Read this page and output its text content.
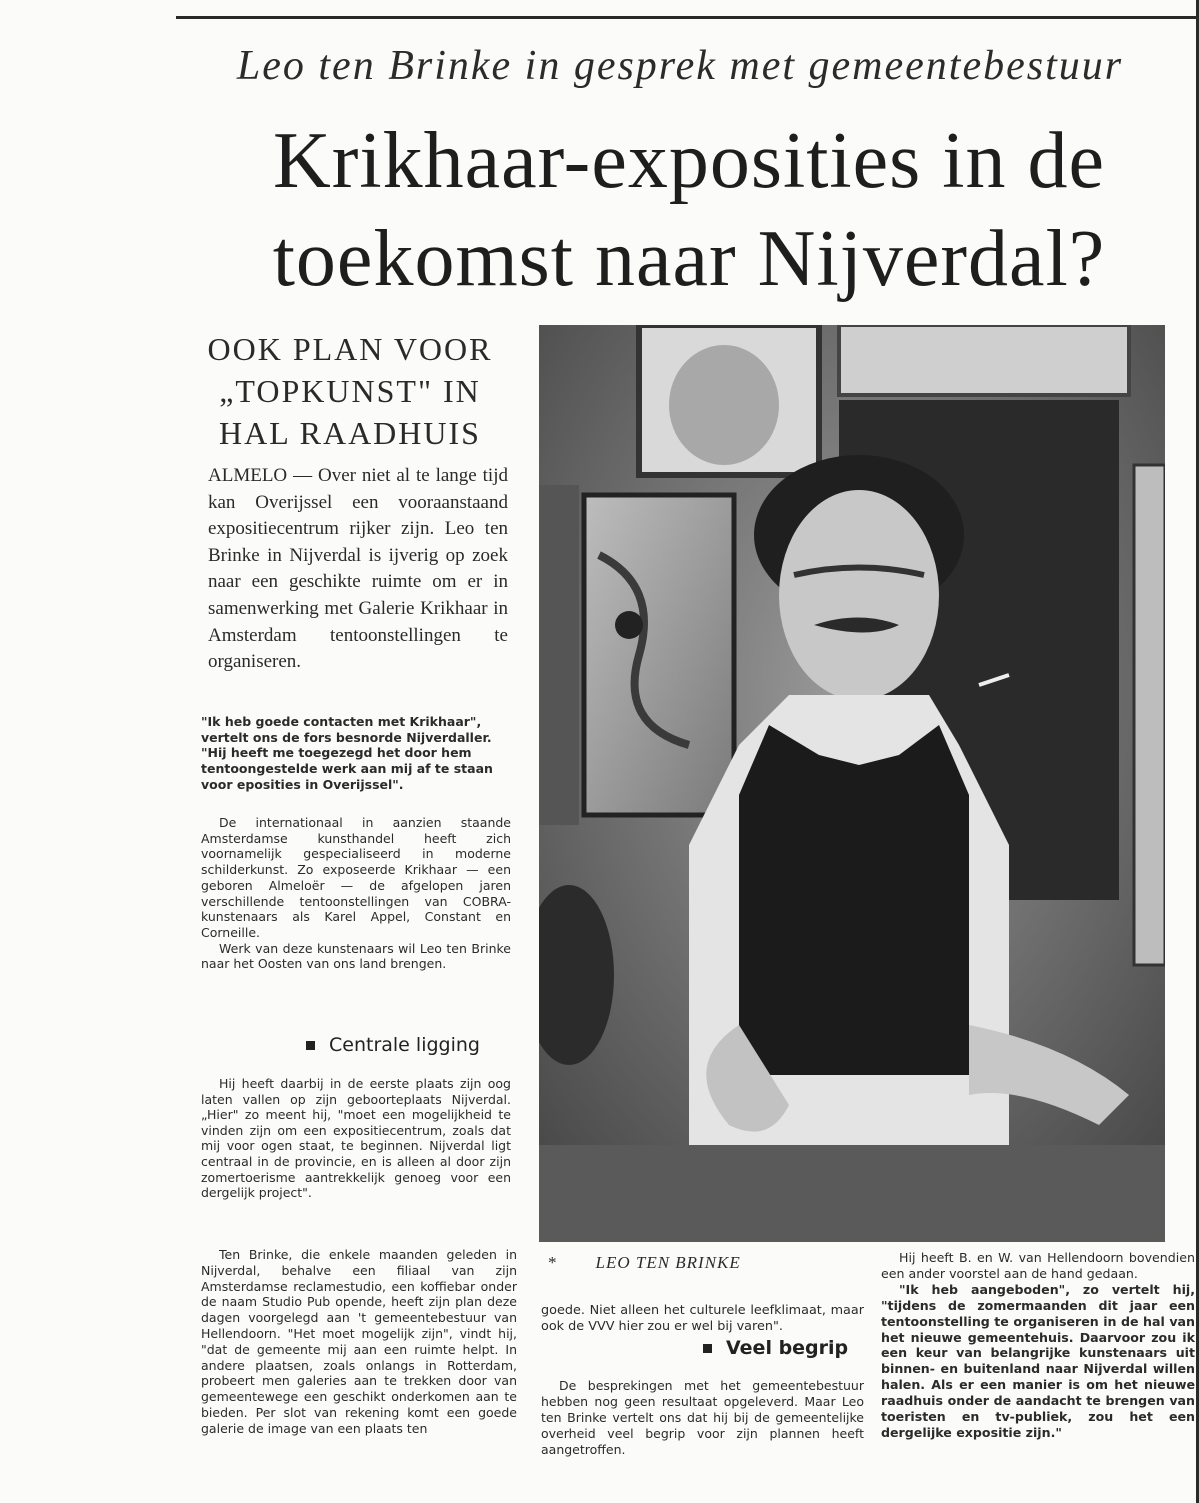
Leo ten Brinke in gesprek met gemeentebestuur
Krikhaar-exposities in de toekomst naar Nijverdal?
OOK PLAN VOOR „TOPKUNST" IN HAL RAADHUIS
ALMELO — Over niet al te lange tijd kan Overijssel een vooraanstaand expositiecentrum rijker zijn. Leo ten Brinke in Nijverdal is ijverig op zoek naar een geschikte ruimte om er in samenwerking met Galerie Krikhaar in Amsterdam tentoonstellingen te organiseren.
"Ik heb goede contacten met Krikhaar", vertelt ons de fors besnorde Nijverdaller. "Hij heeft me toegezegd het door hem tentoongestelde werk aan mij af te staan voor eposities in Overijssel".

De internationaal in aanzien staande Amsterdamse kunsthandel heeft zich voornamelijk gespecialiseerd in moderne schilderkunst. Zo exposeerde Krikhaar — een geboren Almeloër — de afgelopen jaren verschillende tentoonstellingen van COBRA-kunstenaars als Karel Appel, Constant en Corneille.

Werk van deze kunstenaars wil Leo ten Brinke naar het Oosten van ons land brengen.

Centrale ligging

Hij heeft daarbij in de eerste plaats zijn oog laten vallen op zijn geboorteplaats Nijverdal. „Hier" zo meent hij, "moet een mogelijkheid te vinden zijn om een expositiecentrum, zoals dat mij voor ogen staat, te beginnen. Nijverdal ligt centraal in de provincie, en is alleen al door zijn zomertoerisme aantrekkelijk genoeg voor een dergelijk project".

Ten Brinke, die enkele maanden geleden in Nijverdal, behalve een filiaal van zijn Amsterdamse reclamestudio, een koffiebar onder de naam Studio Pub opende, heeft zijn plan deze dagen voorgelegd aan 't gemeentebestuur van Hellendoorn. "Het moet mogelijk zijn", vindt hij, "dat de gemeente mij aan een ruimte helpt. In andere plaatsen, zoals onlangs in Rotterdam, probeert men galeries aan te trekken door van gemeentewege een geschikt onderkomen aan te bieden. Per slot van rekening komt een goede galerie de image van een plaats ten

* LEO TEN BRINKE

goede. Niet alleen het culturele leefklimaat, maar ook de VVV hier zou er wel bij varen".

Veel begrip

De besprekingen met het gemeentebestuur hebben nog geen resultaat opgeleverd. Maar Leo ten Brinke vertelt ons dat hij bij de gemeentelijke overheid veel begrip voor zijn plannen heeft aangetroffen.

Hij heeft B. en W. van Hellendoorn bovendien een ander voorstel aan de hand gedaan.

"Ik heb aangeboden", zo vertelt hij, "tijdens de zomermaanden dit jaar een tentoonstelling te organiseren in de hal van het nieuwe gemeentehuis. Daarvoor zou ik een keur van belangrijke kunstenaars uit binnen- en buitenland naar Nijverdal willen halen. Als er een manier is om het nieuwe raadhuis onder de aandacht te brengen van toeristen en tv-publiek, zou het een dergelijke expositie zijn."
